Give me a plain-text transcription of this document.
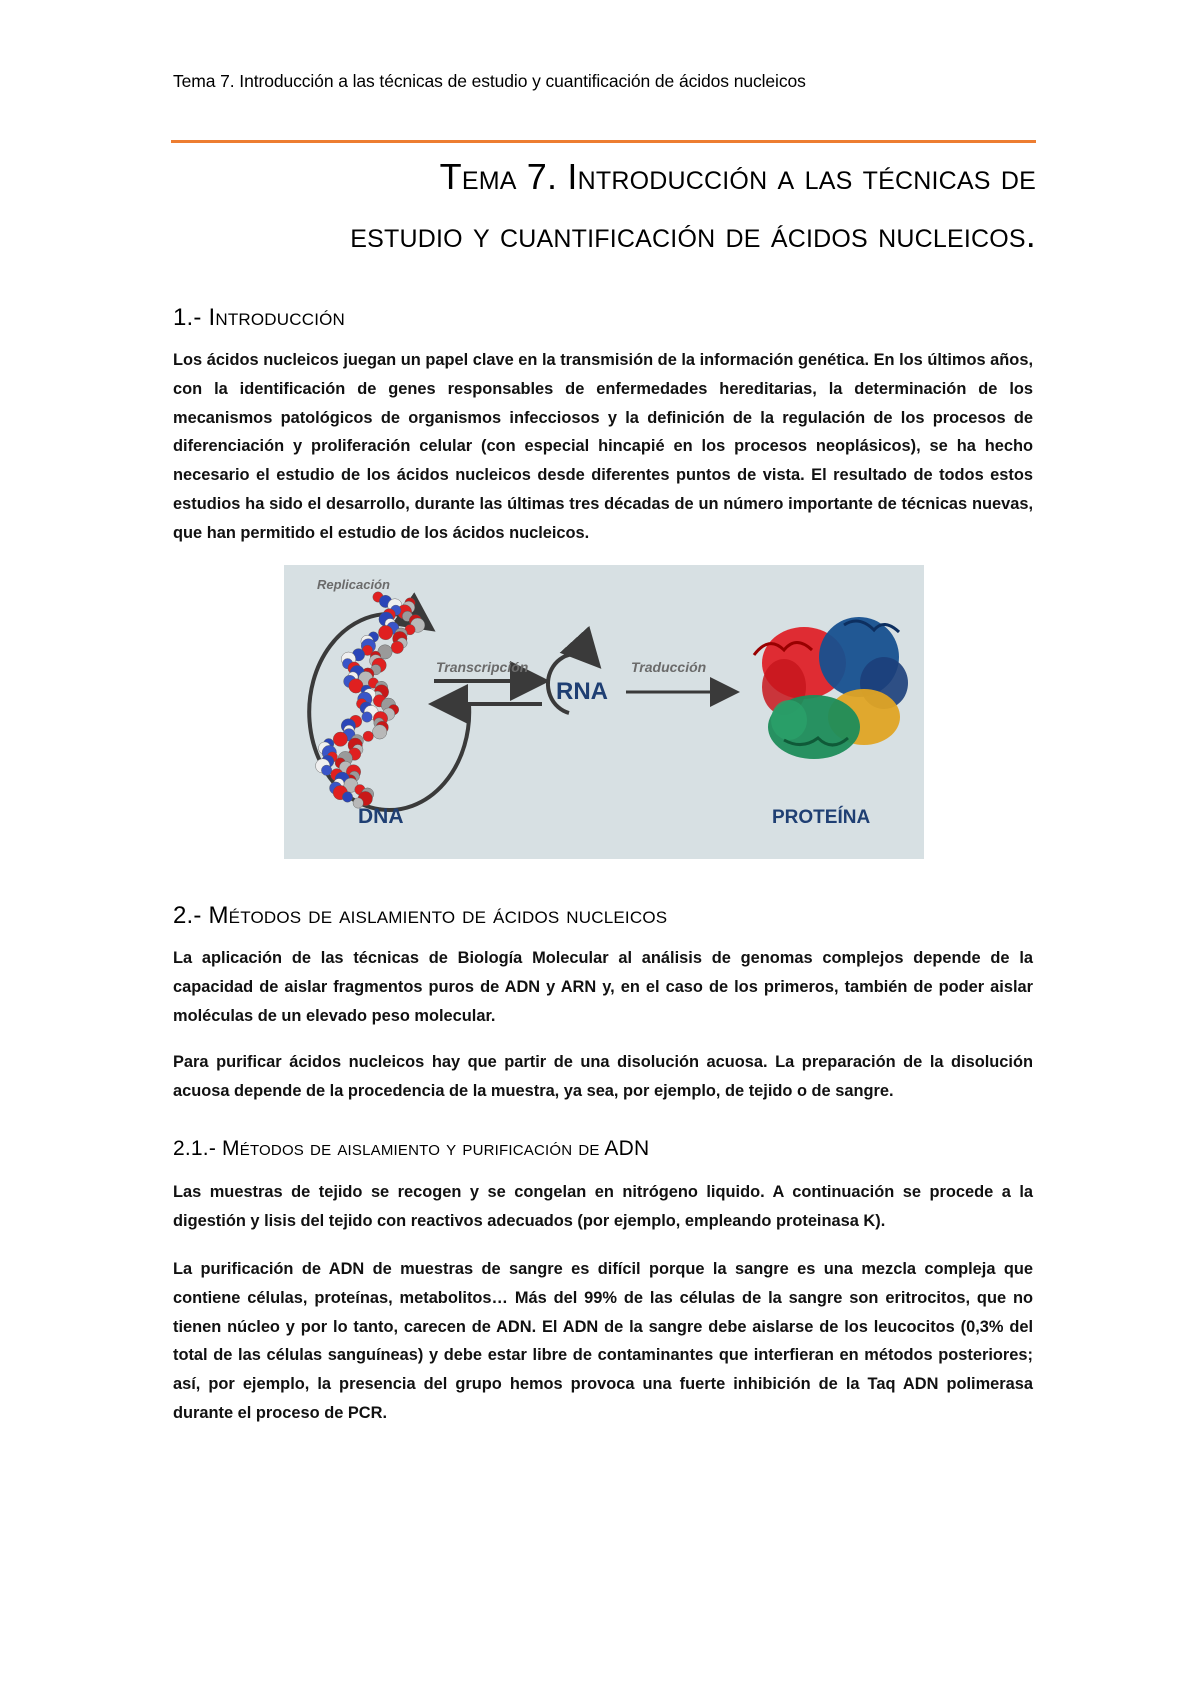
Tema 7. Introducción a las técnicas de estudio y cuantificación de ácidos nucleicos
Tema 7. Introducción a las técnicas de
estudio y cuantificación de ácidos nucleicos.
1.- Introducción

Los ácidos nucleicos juegan un papel clave en la transmisión de la información genética. En los últimos años, con la identificación de genes responsables de enfermedades hereditarias, la determinación de los mecanismos patológicos de organismos infecciosos y la definición de la regulación de los procesos de diferenciación y proliferación celular (con especial hincapié en los procesos neoplásicos), se ha hecho necesario el estudio de los ácidos nucleicos desde diferentes puntos de vista. El resultado de todos estos estudios ha sido el desarrollo, durante las últimas tres décadas de un número importante de técnicas nuevas, que han permitido el estudio de los ácidos nucleicos.

Replicación
Transcripción	Traducción
RNA
DNA	PROTEÍNA
2.- Métodos de aislamiento de ácidos nucleicos

La aplicación de las técnicas de Biología Molecular al análisis de genomas complejos depende de la capacidad de aislar fragmentos puros de ADN y ARN y, en el caso de los primeros, también de poder aislar moléculas de un elevado peso molecular.

Para purificar ácidos nucleicos hay que partir de una disolución acuosa. La preparación de la disolución acuosa depende de la procedencia de la muestra, ya sea, por ejemplo, de tejido o de sangre.

2.1.- Métodos de aislamiento y purificación de ADN

Las muestras de tejido se recogen y se congelan en nitrógeno liquido. A continuación se procede a la digestión y lisis del tejido con reactivos adecuados (por ejemplo, empleando proteinasa K).

La purificación de ADN de muestras de sangre es difícil porque la sangre es una mezcla compleja que contiene células, proteínas, metabolitos… Más del 99% de las células de la sangre son eritrocitos, que no tienen núcleo y por lo tanto, carecen de ADN. El ADN de la sangre debe aislarse de los leucocitos (0,3% del total de las células sanguíneas) y debe estar libre de contaminantes que interfieran en métodos posteriores; así, por ejemplo, la presencia del grupo hemos provoca una fuerte inhibición de la Taq ADN polimerasa durante el proceso de PCR.
